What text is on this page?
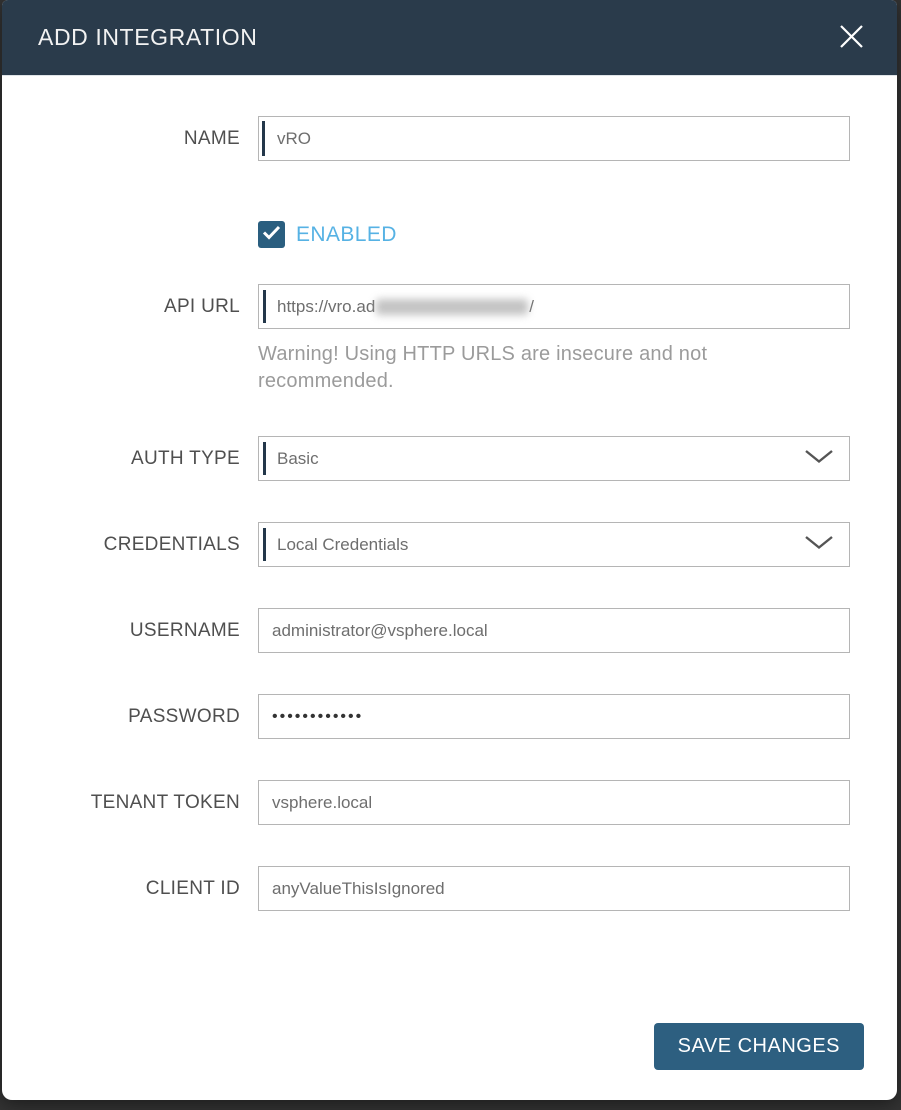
ADD INTEGRATION
NAME
vRO
ENABLED
API URL https://vro.ad	/
Warning! Using HTTP URLS are insecure and not recommended.
AUTH TYPE Basic
CREDENTIALS Local Credentials
USERNAME
administrator@vsphere.local
PASSWORD
••••••••••••
TENANT TOKEN
vsphere.local
CLIENT ID
anyValueThisIsIgnored
SAVE CHANGES
